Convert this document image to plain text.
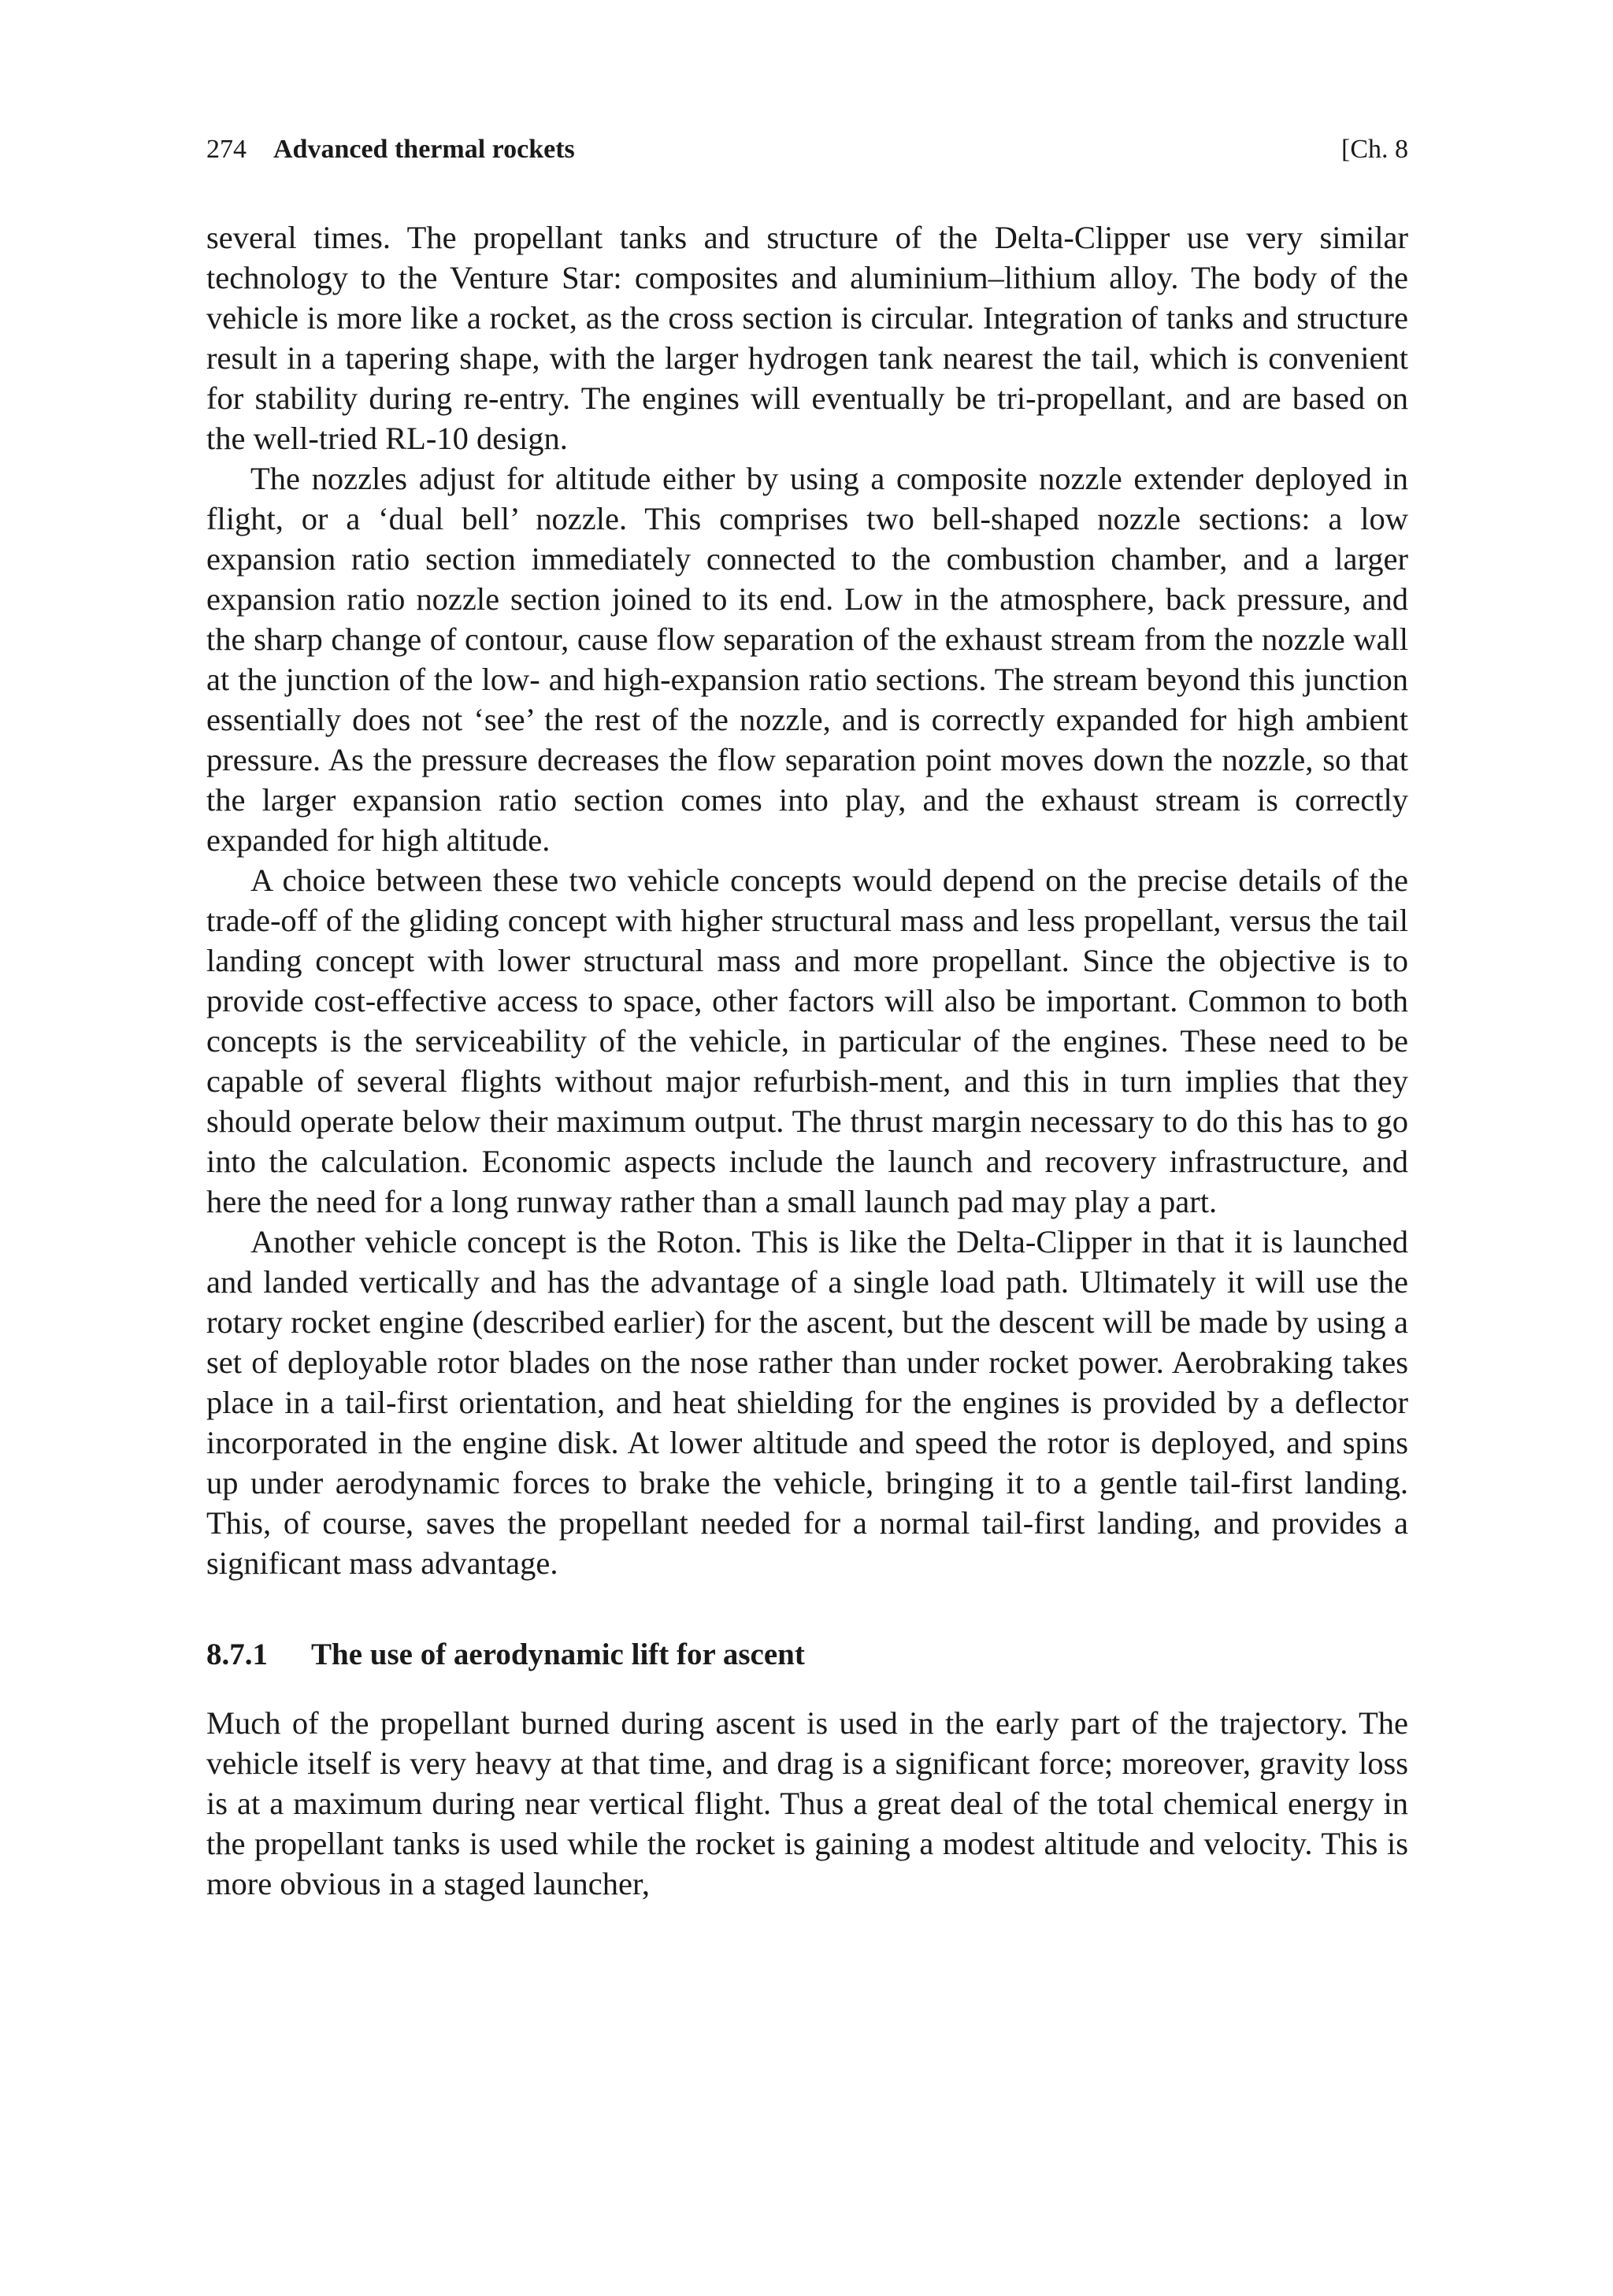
274 Advanced thermal rockets	[Ch. 8

several times. The propellant tanks and structure of the Delta-Clipper use very similar technology to the Venture Star: composites and aluminium–lithium alloy. The body of the vehicle is more like a rocket, as the cross section is circular. Integration of tanks and structure result in a tapering shape, with the larger hydrogen tank nearest the tail, which is convenient for stability during re-entry. The engines will eventually be tri-propellant, and are based on the well-tried RL-10 design.

The nozzles adjust for altitude either by using a composite nozzle extender deployed in flight, or a ‘dual bell’ nozzle. This comprises two bell-shaped nozzle sections: a low expansion ratio section immediately connected to the combustion chamber, and a larger expansion ratio nozzle section joined to its end. Low in the atmosphere, back pressure, and the sharp change of contour, cause flow separation of the exhaust stream from the nozzle wall at the junction of the low- and high-expansion ratio sections. The stream beyond this junction essentially does not ‘see’ the rest of the nozzle, and is correctly expanded for high ambient pressure. As the pressure decreases the flow separation point moves down the nozzle, so that the larger expansion ratio section comes into play, and the exhaust stream is correctly expanded for high altitude.

A choice between these two vehicle concepts would depend on the precise details of the trade-off of the gliding concept with higher structural mass and less propellant, versus the tail landing concept with lower structural mass and more propellant. Since the objective is to provide cost-effective access to space, other factors will also be important. Common to both concepts is the serviceability of the vehicle, in particular of the engines. These need to be capable of several flights without major refurbish-ment, and this in turn implies that they should operate below their maximum output. The thrust margin necessary to do this has to go into the calculation. Economic aspects include the launch and recovery infrastructure, and here the need for a long runway rather than a small launch pad may play a part.

Another vehicle concept is the Roton. This is like the Delta-Clipper in that it is launched and landed vertically and has the advantage of a single load path. Ultimately it will use the rotary rocket engine (described earlier) for the ascent, but the descent will be made by using a set of deployable rotor blades on the nose rather than under rocket power. Aerobraking takes place in a tail-first orientation, and heat shielding for the engines is provided by a deflector incorporated in the engine disk. At lower altitude and speed the rotor is deployed, and spins up under aerodynamic forces to brake the vehicle, bringing it to a gentle tail-first landing. This, of course, saves the propellant needed for a normal tail-first landing, and provides a significant mass advantage.

8.7.1 The use of aerodynamic lift for ascent

Much of the propellant burned during ascent is used in the early part of the trajectory. The vehicle itself is very heavy at that time, and drag is a significant force; moreover, gravity loss is at a maximum during near vertical flight. Thus a great deal of the total chemical energy in the propellant tanks is used while the rocket is gaining a modest altitude and velocity. This is more obvious in a staged launcher,
